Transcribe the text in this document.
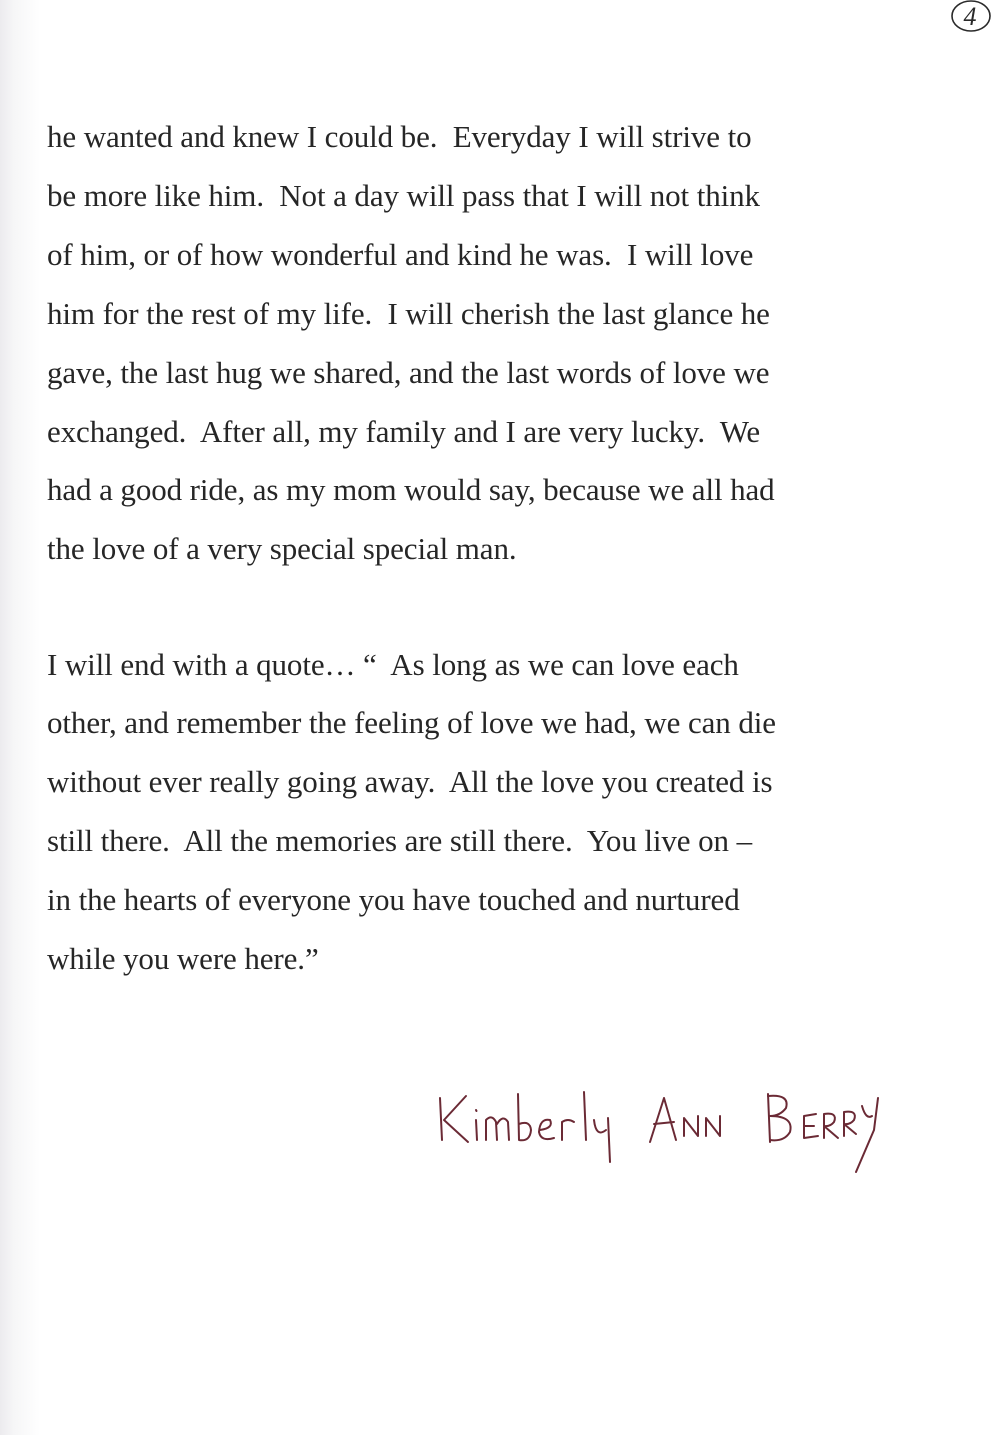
4

he wanted and knew I could be.  Everyday I will strive to

be more like him.  Not a day will pass that I will not think

of him, or of how wonderful and kind he was.  I will love

him for the rest of my life.  I will cherish the last glance he

gave, the last hug we shared, and the last words of love we

exchanged.  After all, my family and I are very lucky.  We

had a good ride, as my mom would say, because we all had

the love of a very special special man.

I will end with a quote… “  As long as we can love each

other, and remember the feeling of love we had, we can die

without ever really going away.  All the love you created is

still there.  All the memories are still there.  You live on –

in the hearts of everyone you have touched and nurtured

while you were here.”
